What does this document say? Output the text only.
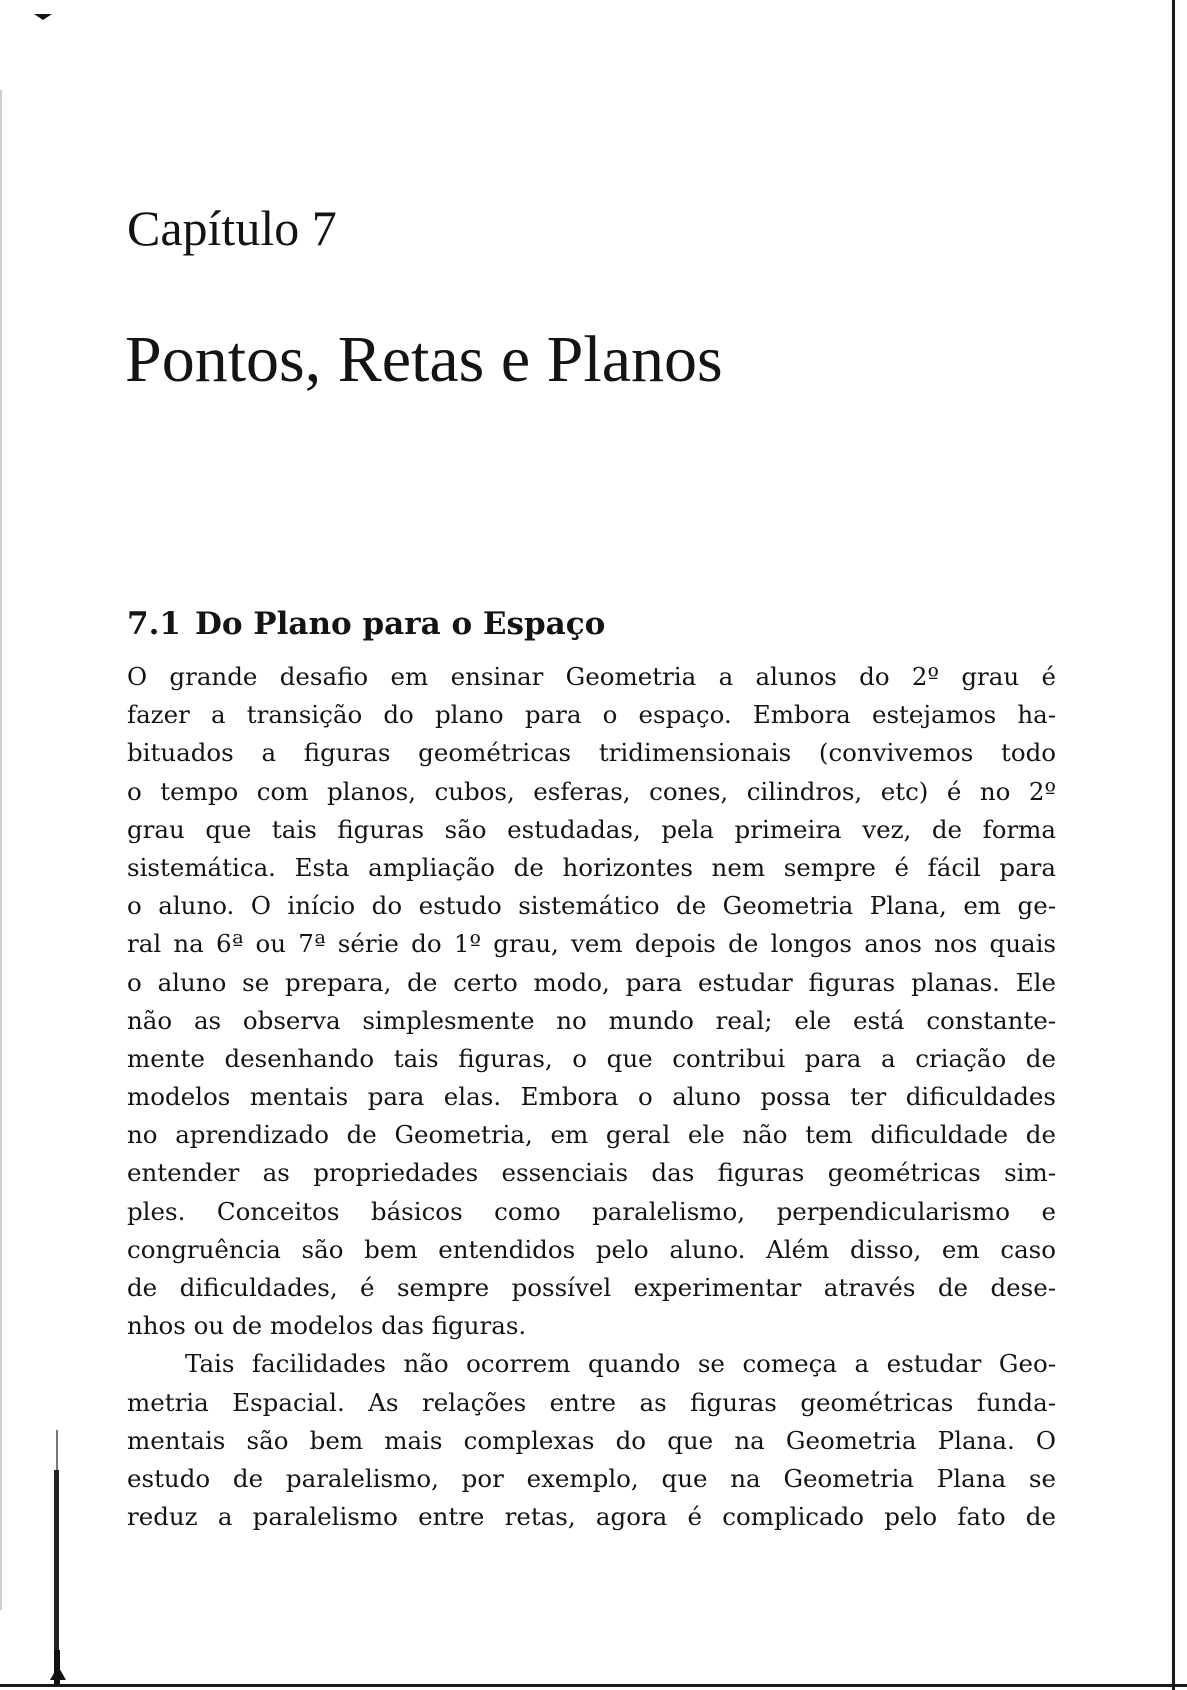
Capítulo 7
Pontos, Retas e Planos
7.1 Do Plano para o Espaço
O grande desafio em ensinar Geometria a alunos do 2º grau é
fazer a transição do plano para o espaço. Embora estejamos ha-
bituados a figuras geométricas tridimensionais (convivemos todo
o tempo com planos, cubos, esferas, cones, cilindros, etc) é no 2º
grau que tais figuras são estudadas, pela primeira vez, de forma
sistemática. Esta ampliação de horizontes nem sempre é fácil para
o aluno. O início do estudo sistemático de Geometria Plana, em ge-
ral na 6ª ou 7ª série do 1º grau, vem depois de longos anos nos quais
o aluno se prepara, de certo modo, para estudar figuras planas. Ele
não as observa simplesmente no mundo real; ele está constante-
mente desenhando tais figuras, o que contribui para a criação de
modelos mentais para elas. Embora o aluno possa ter dificuldades
no aprendizado de Geometria, em geral ele não tem dificuldade de
entender as propriedades essenciais das figuras geométricas sim-
ples. Conceitos básicos como paralelismo, perpendicularismo e
congruência são bem entendidos pelo aluno. Além disso, em caso
de dificuldades, é sempre possível experimentar através de dese-
nhos ou de modelos das figuras.
Tais facilidades não ocorrem quando se começa a estudar Geo-
metria Espacial. As relações entre as figuras geométricas funda-
mentais são bem mais complexas do que na Geometria Plana. O
estudo de paralelismo, por exemplo, que na Geometria Plana se
reduz a paralelismo entre retas, agora é complicado pelo fato de
